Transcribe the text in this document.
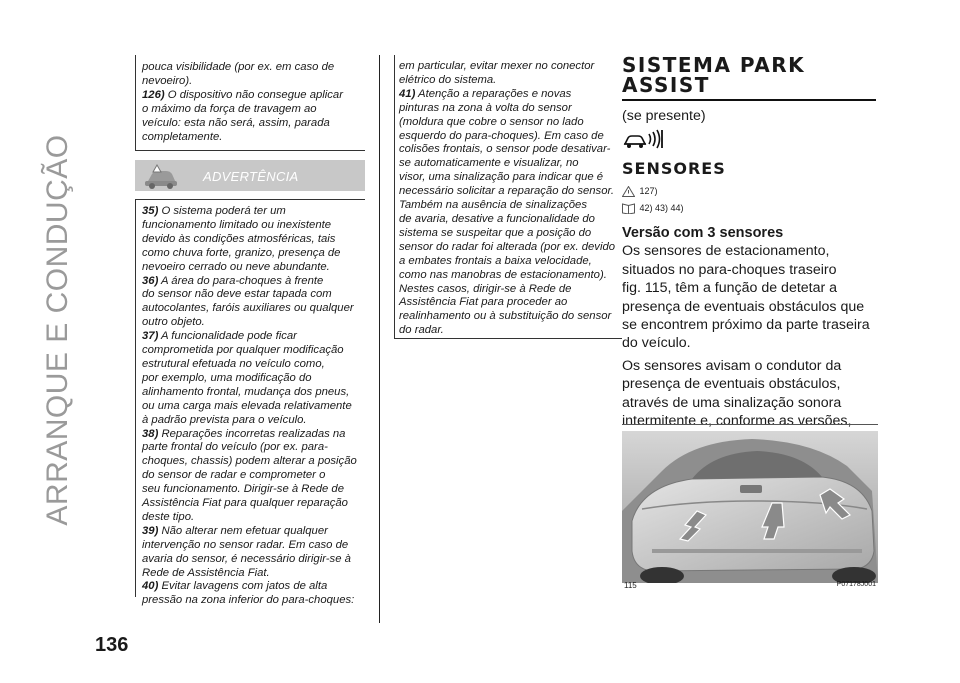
ARRANQUE E CONDUÇÃO
136

pouca visibilidade (por ex. em caso de

nevoeiro).

126) O dispositivo não consegue aplicar

o máximo da força de travagem ao

veículo: esta não será, assim, parada

completamente.

ADVERTÊNCIA

35) O sistema poderá ter um

funcionamento limitado ou inexistente

devido às condições atmosféricas, tais

como chuva forte, granizo, presença de

nevoeiro cerrado ou neve abundante.

36) A área do para-choques à frente

do sensor não deve estar tapada com

autocolantes, faróis auxiliares ou qualquer

outro objeto.

37) A funcionalidade pode ficar

comprometida por qualquer modificação

estrutural efetuada no veículo como,

por exemplo, uma modificação do

alinhamento frontal, mudança dos pneus,

ou uma carga mais elevada relativamente

à padrão prevista para o veículo.

38) Reparações incorretas realizadas na

parte frontal do veículo (por ex. para-

choques, chassis) podem alterar a posição

do sensor de radar e comprometer o

seu funcionamento. Dirigir-se à Rede de

Assistência Fiat para qualquer reparação

deste tipo.

39) Não alterar nem efetuar qualquer

intervenção no sensor radar. Em caso de

avaria do sensor, é necessário dirigir-se à

Rede de Assistência Fiat.

40) Evitar lavagens com jatos de alta

pressão na zona inferior do para-choques:

em particular, evitar mexer no conector

elétrico do sistema.

41) Atenção a reparações e novas

pinturas na zona à volta do sensor

(moldura que cobre o sensor no lado

esquerdo do para-choques). Em caso de

colisões frontais, o sensor pode desativar-

se automaticamente e visualizar, no

visor, uma sinalização para indicar que é

necessário solicitar a reparação do sensor.

Também na ausência de sinalizações

de avaria, desative a funcionalidade do

sistema se suspeitar que a posição do

sensor do radar foi alterada (por ex. devido

a embates frontais a baixa velocidade,

como nas manobras de estacionamento).

Nestes casos, dirigir-se à Rede de

Assistência Fiat para proceder ao

realinhamento ou à substituição do sensor

do radar.

SISTEMA PARK
ASSIST
(se presente)
SENSORES
127)
42) 43) 44)
Versão com 3 sensores
Os sensores de estacionamento,
situados no para-choques traseiro
fig. 115, têm a função de detetar a
presença de eventuais obstáculos que
se encontrem próximo da parte traseira
do veículo.
Os sensores avisam o condutor da
presença de eventuais obstáculos,
através de uma sinalização sonora
intermitente e, conforme as versões,
115	P07178J001
